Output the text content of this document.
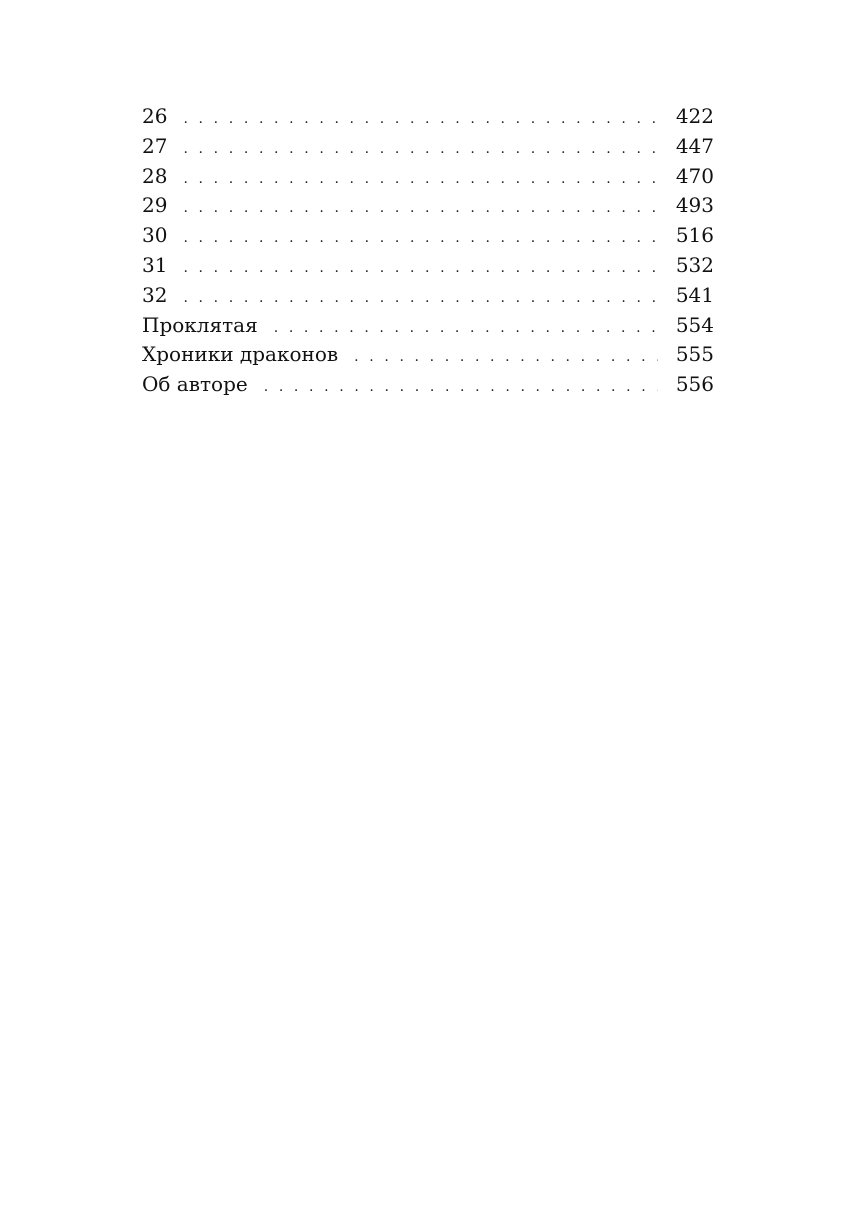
26 . . .	422
27 . . .	447
28 . . .	470
29 . . .	493
30 . . .	516
31 . . .	532
32 . . .	541
Проклятая . . .	554
Хроники драконов . . .	555
Об авторе . . .	556
